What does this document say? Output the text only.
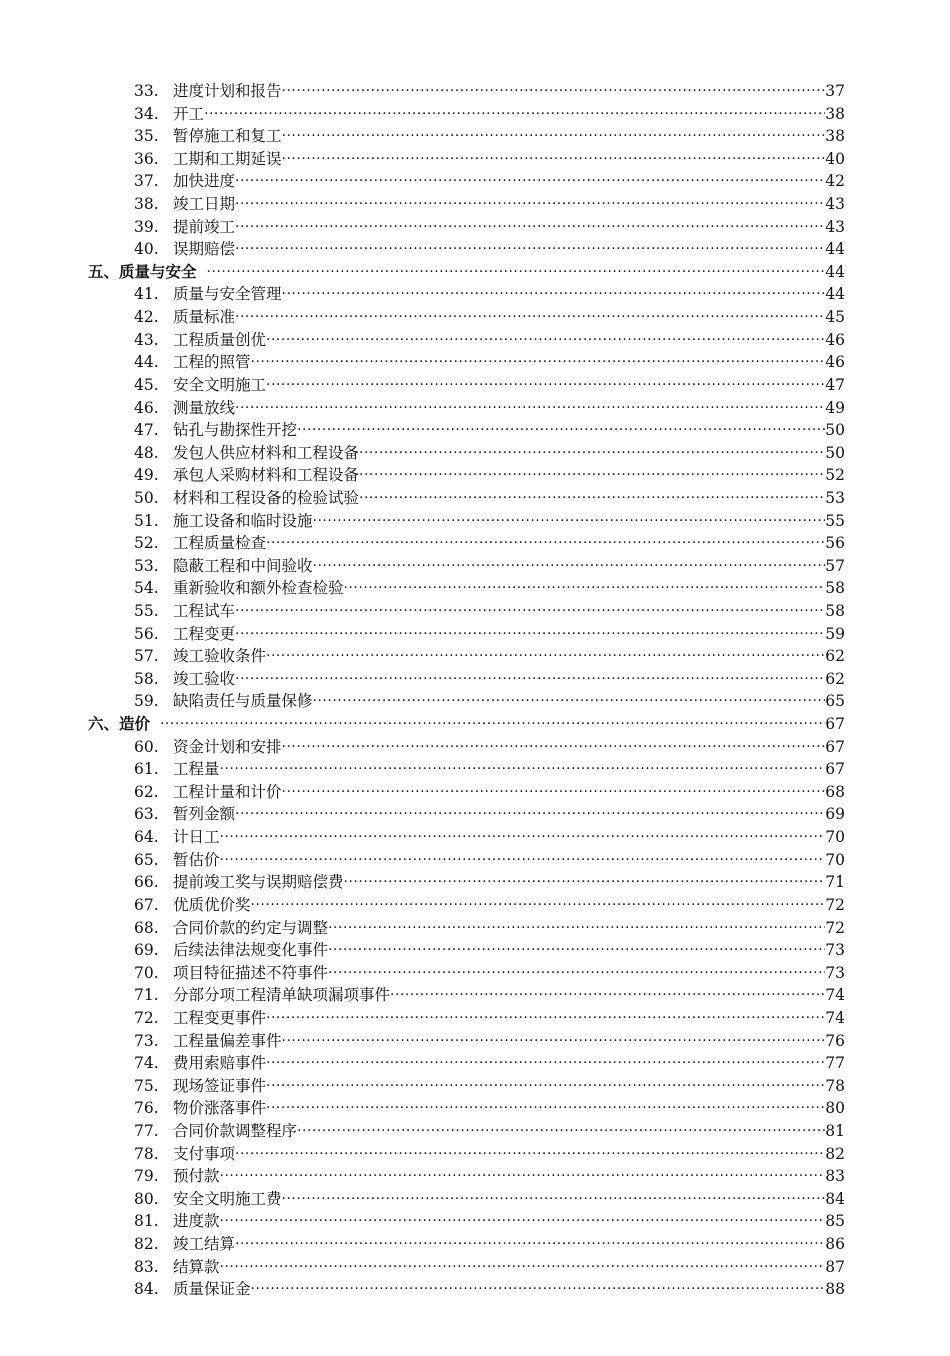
33. 进度计划和报告 ·····	37
34. 开工 ·····	38
35. 暂停施工和复工 ·····	38
36. 工期和工期延误 ·····	40
37. 加快进度 ·····	42
38. 竣工日期 ·····	43
39. 提前竣工 ·····	43
40. 误期赔偿 ·····	44
五、质量与安全 ·····	44
41. 质量与安全管理 ·····	44
42. 质量标准 ·····	45
43. 工程质量创优 ·····	46
44. 工程的照管 ·····	46
45. 安全文明施工 ·····	47
46. 测量放线 ·····	49
47. 钻孔与勘探性开挖 ·····	50
48. 发包人供应材料和工程设备 ·····	50
49. 承包人采购材料和工程设备 ·····	52
50. 材料和工程设备的检验试验 ·····	53
51. 施工设备和临时设施 ·····	55
52. 工程质量检查 ·····	56
53. 隐蔽工程和中间验收 ·····	57
54. 重新验收和额外检查检验 ·····	58
55. 工程试车 ·····	58
56. 工程变更 ·····	59
57. 竣工验收条件 ·····	62
58. 竣工验收 ·····	62
59. 缺陷责任与质量保修 ·····	65
六、造价 ·····	67
60. 资金计划和安排 ·····	67
61. 工程量 ·····	67
62. 工程计量和计价 ·····	68
63. 暂列金额 ·····	69
64. 计日工 ·····	70
65. 暂估价 ·····	70
66. 提前竣工奖与误期赔偿费 ·····	71
67. 优质优价奖 ·····	72
68. 合同价款的约定与调整 ·····	72
69. 后续法律法规变化事件 ·····	73
70. 项目特征描述不符事件 ·····	73
71. 分部分项工程清单缺项漏项事件 ·····	74
72. 工程变更事件 ·····	74
73. 工程量偏差事件 ·····	76
74. 费用索赔事件 ·····	77
75. 现场签证事件 ·····	78
76. 物价涨落事件 ·····	80
77. 合同价款调整程序 ·····	81
78. 支付事项 ·····	82
79. 预付款 ·····	83
80. 安全文明施工费 ·····	84
81. 进度款 ·····	85
82. 竣工结算 ·····	86
83. 结算款 ·····	87
84. 质量保证金 ·····	88
